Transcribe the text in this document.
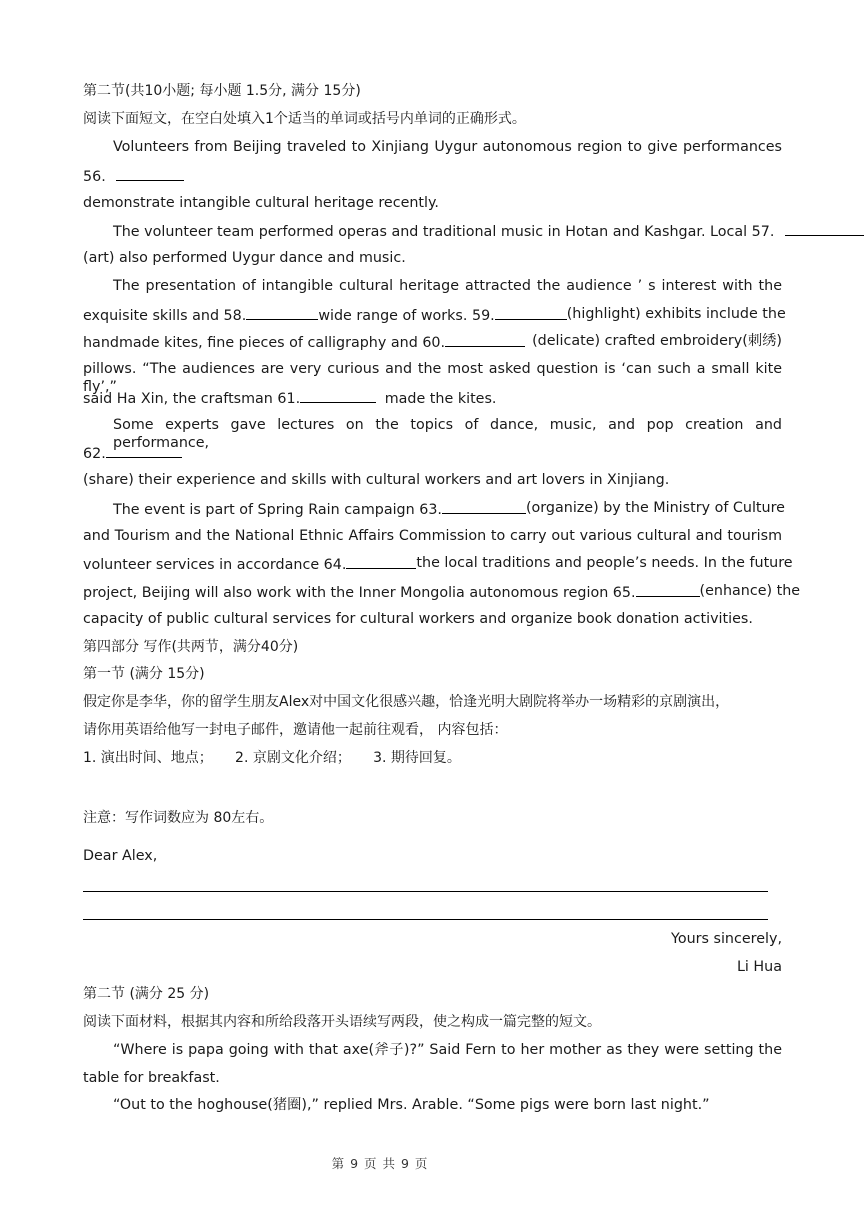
第二节(共10小题; 每小题 1.5分, 满分 15分)
阅读下面短文，在空白处填入1个适当的单词或括号内单词的正确形式。
Volunteers from Beijing traveled to Xinjiang Uygur autonomous region to give performances
56.
demonstrate intangible cultural heritage recently.
The volunteer team performed operas and traditional music in Hotan and Kashgar. Local 57.
(art) also performed Uygur dance and music.
The presentation of intangible cultural heritage attracted the audience ’ s interest with the
exquisite skills and 58.	wide range of works. 59.	(highlight) exhibits include the
handmade kites, fine pieces of calligraphy and 60.	(delicate) crafted embroidery(刺绣)
pillows. “The audiences are very curious and the most asked question is ‘can such a small kite fly’,”
said Ha Xin, the craftsman 61.	made the kites.
Some experts gave lectures on the topics of dance, music, and pop creation and performance,
62.
(share) their experience and skills with cultural workers and art lovers in Xinjiang.
The event is part of Spring Rain campaign 63.	(organize) by the Ministry of Culture
and Tourism and the National Ethnic Affairs Commission to carry out various cultural and tourism
volunteer services in accordance 64.	the local traditions and people’s needs. In the future
project, Beijing will also work with the Inner Mongolia autonomous region 65.	(enhance) the
capacity of public cultural services for cultural workers and organize book donation activities.
第四部分 写作(共两节，满分40分)
第一节 (满分 15分)
假定你是李华，你的留学生朋友Alex对中国文化很感兴趣，恰逢光明大剧院将举办一场精彩的京剧演出，
请你用英语给他写一封电子邮件，邀请他一起前往观看， 内容包括：
1. 演出时间、地点；     2. 京剧文化介绍；     3. 期待回复。
注意：写作词数应为 80左右。
Dear Alex,
Yours sincerely,
Li Hua
第二节 (满分 25 分)
阅读下面材料，根据其内容和所给段落开头语续写两段，使之构成一篇完整的短文。
“Where is papa going with that axe(斧子)?” Said Fern to her mother as they were setting the
table for breakfast.
“Out to the hoghouse(猪圈),” replied Mrs. Arable. “Some pigs were born last night.”
第 9 页 共 9 页
